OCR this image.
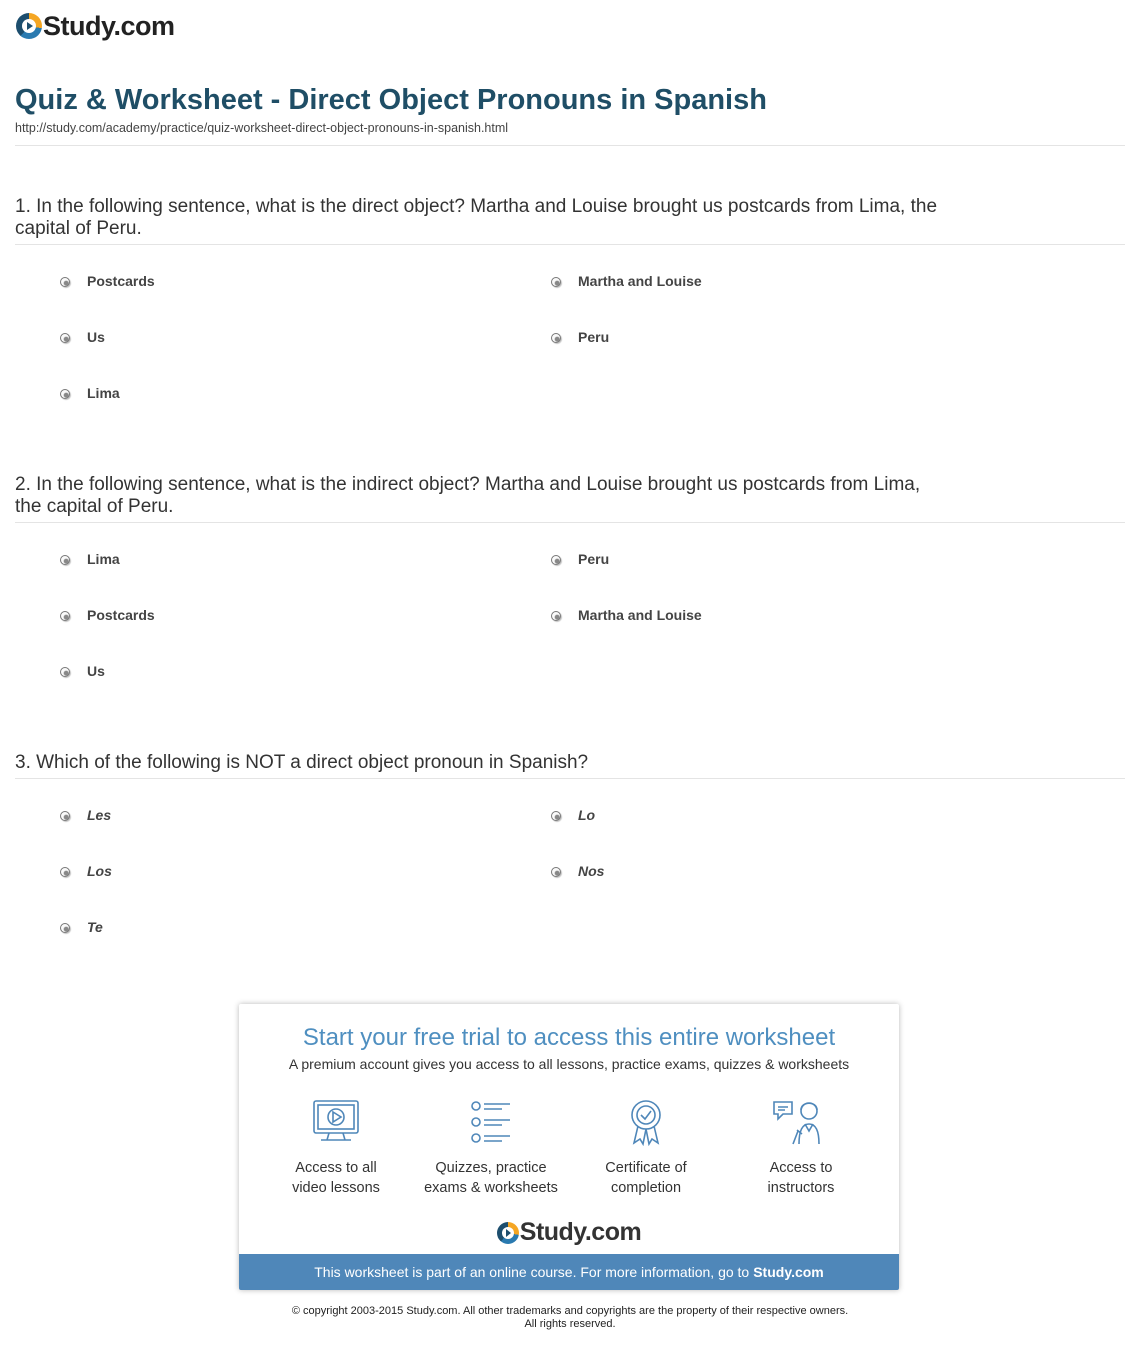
Study.com
Quiz & Worksheet - Direct Object Pronouns in Spanish
http://study.com/academy/practice/quiz-worksheet-direct-object-pronouns-in-spanish.html
1. In the following sentence, what is the direct object? Martha and Louise brought us postcards from Lima, the capital of Peru.
Postcards	Martha and Louise
Us	Peru
Lima
2. In the following sentence, what is the indirect object? Martha and Louise brought us postcards from Lima, the capital of Peru.
Lima	Peru
Postcards	Martha and Louise
Us
3. Which of the following is NOT a direct object pronoun in Spanish?
Les	Lo
Los	Nos
Te
Start your free trial to access this entire worksheet
A premium account gives you access to all lessons, practice exams, quizzes & worksheets
Access to all
video lessons
Quizzes, practice
exams & worksheets
Certificate of
completion
Access to
instructors
Study.com
This worksheet is part of an online course. For more information, go to Study.com
© copyright 2003-2015 Study.com. All other trademarks and copyrights are the property of their respective owners.
All rights reserved.
